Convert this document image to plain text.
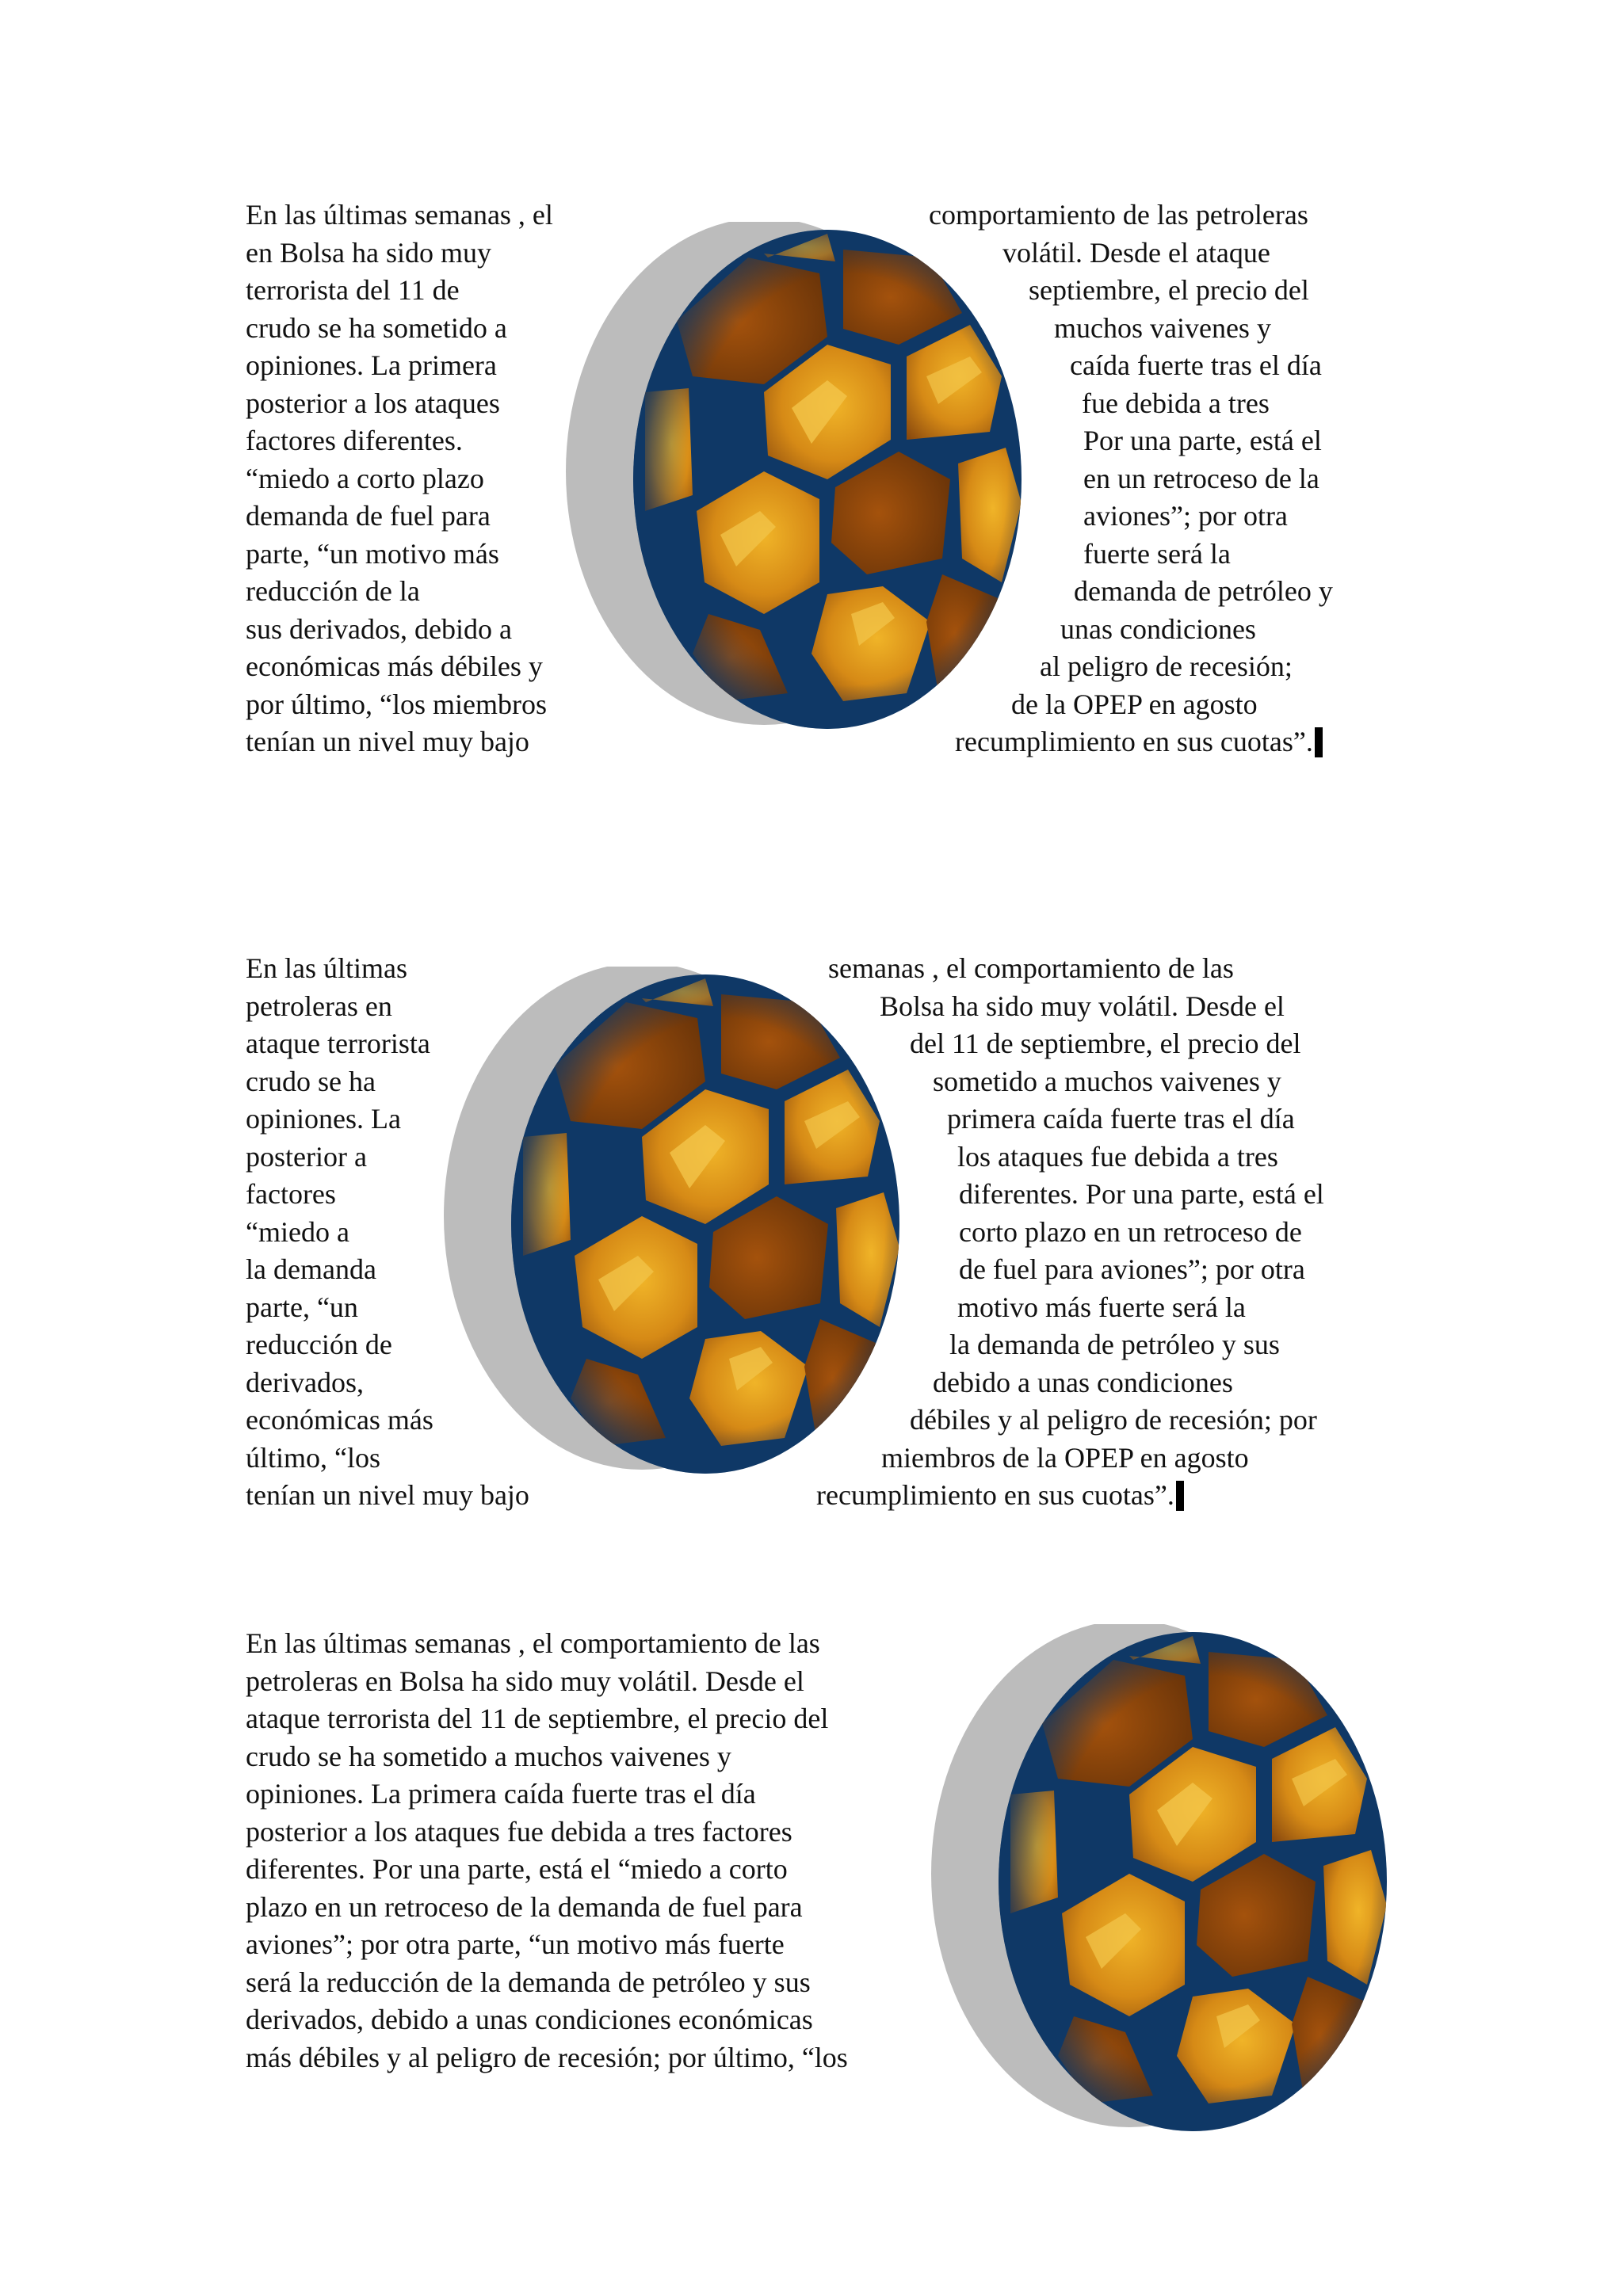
En las últimas semanas , el
en Bolsa ha sido muy
terrorista del 11 de
crudo se ha sometido a
opiniones. La primera
posterior a los ataques
factores diferentes.
“miedo a corto plazo
demanda de fuel para
parte, “un motivo más
reducción de la
sus derivados, debido a
económicas más débiles y
por último, “los miembros
tenían un nivel muy bajo
comportamiento de las petroleras
volátil. Desde el ataque
septiembre, el precio del
muchos vaivenes y
caída fuerte tras el día
fue debida a tres
Por una parte, está el
en un retroceso de la
aviones”; por otra
fuerte será la
demanda de petróleo y
unas condiciones
al peligro de recesión;
de la OPEP en agosto
recumplimiento en sus cuotas”.
En las últimas
petroleras en
ataque terrorista
crudo se ha
opiniones. La
posterior a
factores
“miedo a
la demanda
parte, “un
reducción de
derivados,
económicas más
último, “los
tenían un nivel muy bajo
semanas , el comportamiento de las
Bolsa ha sido muy volátil. Desde el
del 11 de septiembre, el precio del
sometido a muchos vaivenes y
primera caída fuerte tras el día
los ataques fue debida a tres
diferentes. Por una parte, está el
corto plazo en un retroceso de
de fuel para aviones”; por otra
motivo más fuerte será la
la demanda de petróleo y sus
debido a unas condiciones
débiles y al peligro de recesión; por
miembros de la OPEP en agosto
recumplimiento en sus cuotas”.
En las últimas semanas , el comportamiento de las
petroleras en Bolsa ha sido muy volátil. Desde el
ataque terrorista del 11 de septiembre, el precio del
crudo se ha sometido a muchos vaivenes y
opiniones. La primera caída fuerte tras el día
posterior a los ataques fue debida a tres factores
diferentes. Por una parte, está el “miedo a corto
plazo en un retroceso de la demanda de fuel para
aviones”; por otra parte, “un motivo más fuerte
será la reducción de la demanda de petróleo y sus
derivados, debido a unas condiciones económicas
más débiles y al peligro de recesión; por último, “los
